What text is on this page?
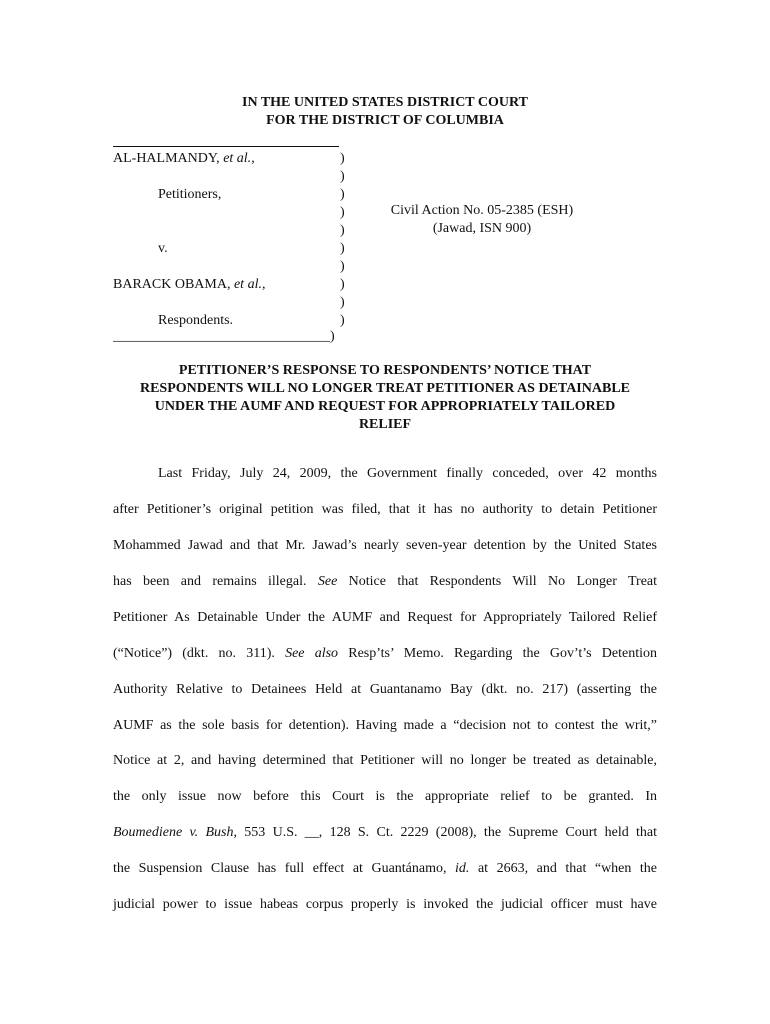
IN THE UNITED STATES DISTRICT COURT
FOR THE DISTRICT OF COLUMBIA
AL-HALMANDY, et al.,
Petitioners,
v.
BARACK OBAMA, et al.,
Respondents.
)
)
)
)
)
)
)
)
)
)
_______________________________)
Civil Action No. 05-2385 (ESH)
(Jawad, ISN 900)
PETITIONER’S RESPONSE TO RESPONDENTS’ NOTICE THAT
RESPONDENTS WILL NO LONGER TREAT PETITIONER AS DETAINABLE
UNDER THE AUMF AND REQUEST FOR APPROPRIATELY TAILORED
RELIEF
Last Friday, July 24, 2009, the Government finally conceded, over 42 months
after Petitioner’s original petition was filed, that it has no authority to detain Petitioner
Mohammed Jawad and that Mr. Jawad’s nearly seven-year detention by the United States
has been and remains illegal. See Notice that Respondents Will No Longer Treat
Petitioner As Detainable Under the AUMF and Request for Appropriately Tailored Relief
(“Notice”) (dkt. no. 311). See also Resp’ts’ Memo. Regarding the Gov’t’s Detention
Authority Relative to Detainees Held at Guantanamo Bay (dkt. no. 217) (asserting the
AUMF as the sole basis for detention). Having made a “decision not to contest the writ,”
Notice at 2, and having determined that Petitioner will no longer be treated as detainable,
the only issue now before this Court is the appropriate relief to be granted. In
Boumediene v. Bush, 553 U.S. __, 128 S. Ct. 2229 (2008), the Supreme Court held that
the Suspension Clause has full effect at Guantánamo, id. at 2663, and that “when the
judicial power to issue habeas corpus properly is invoked the judicial officer must have
